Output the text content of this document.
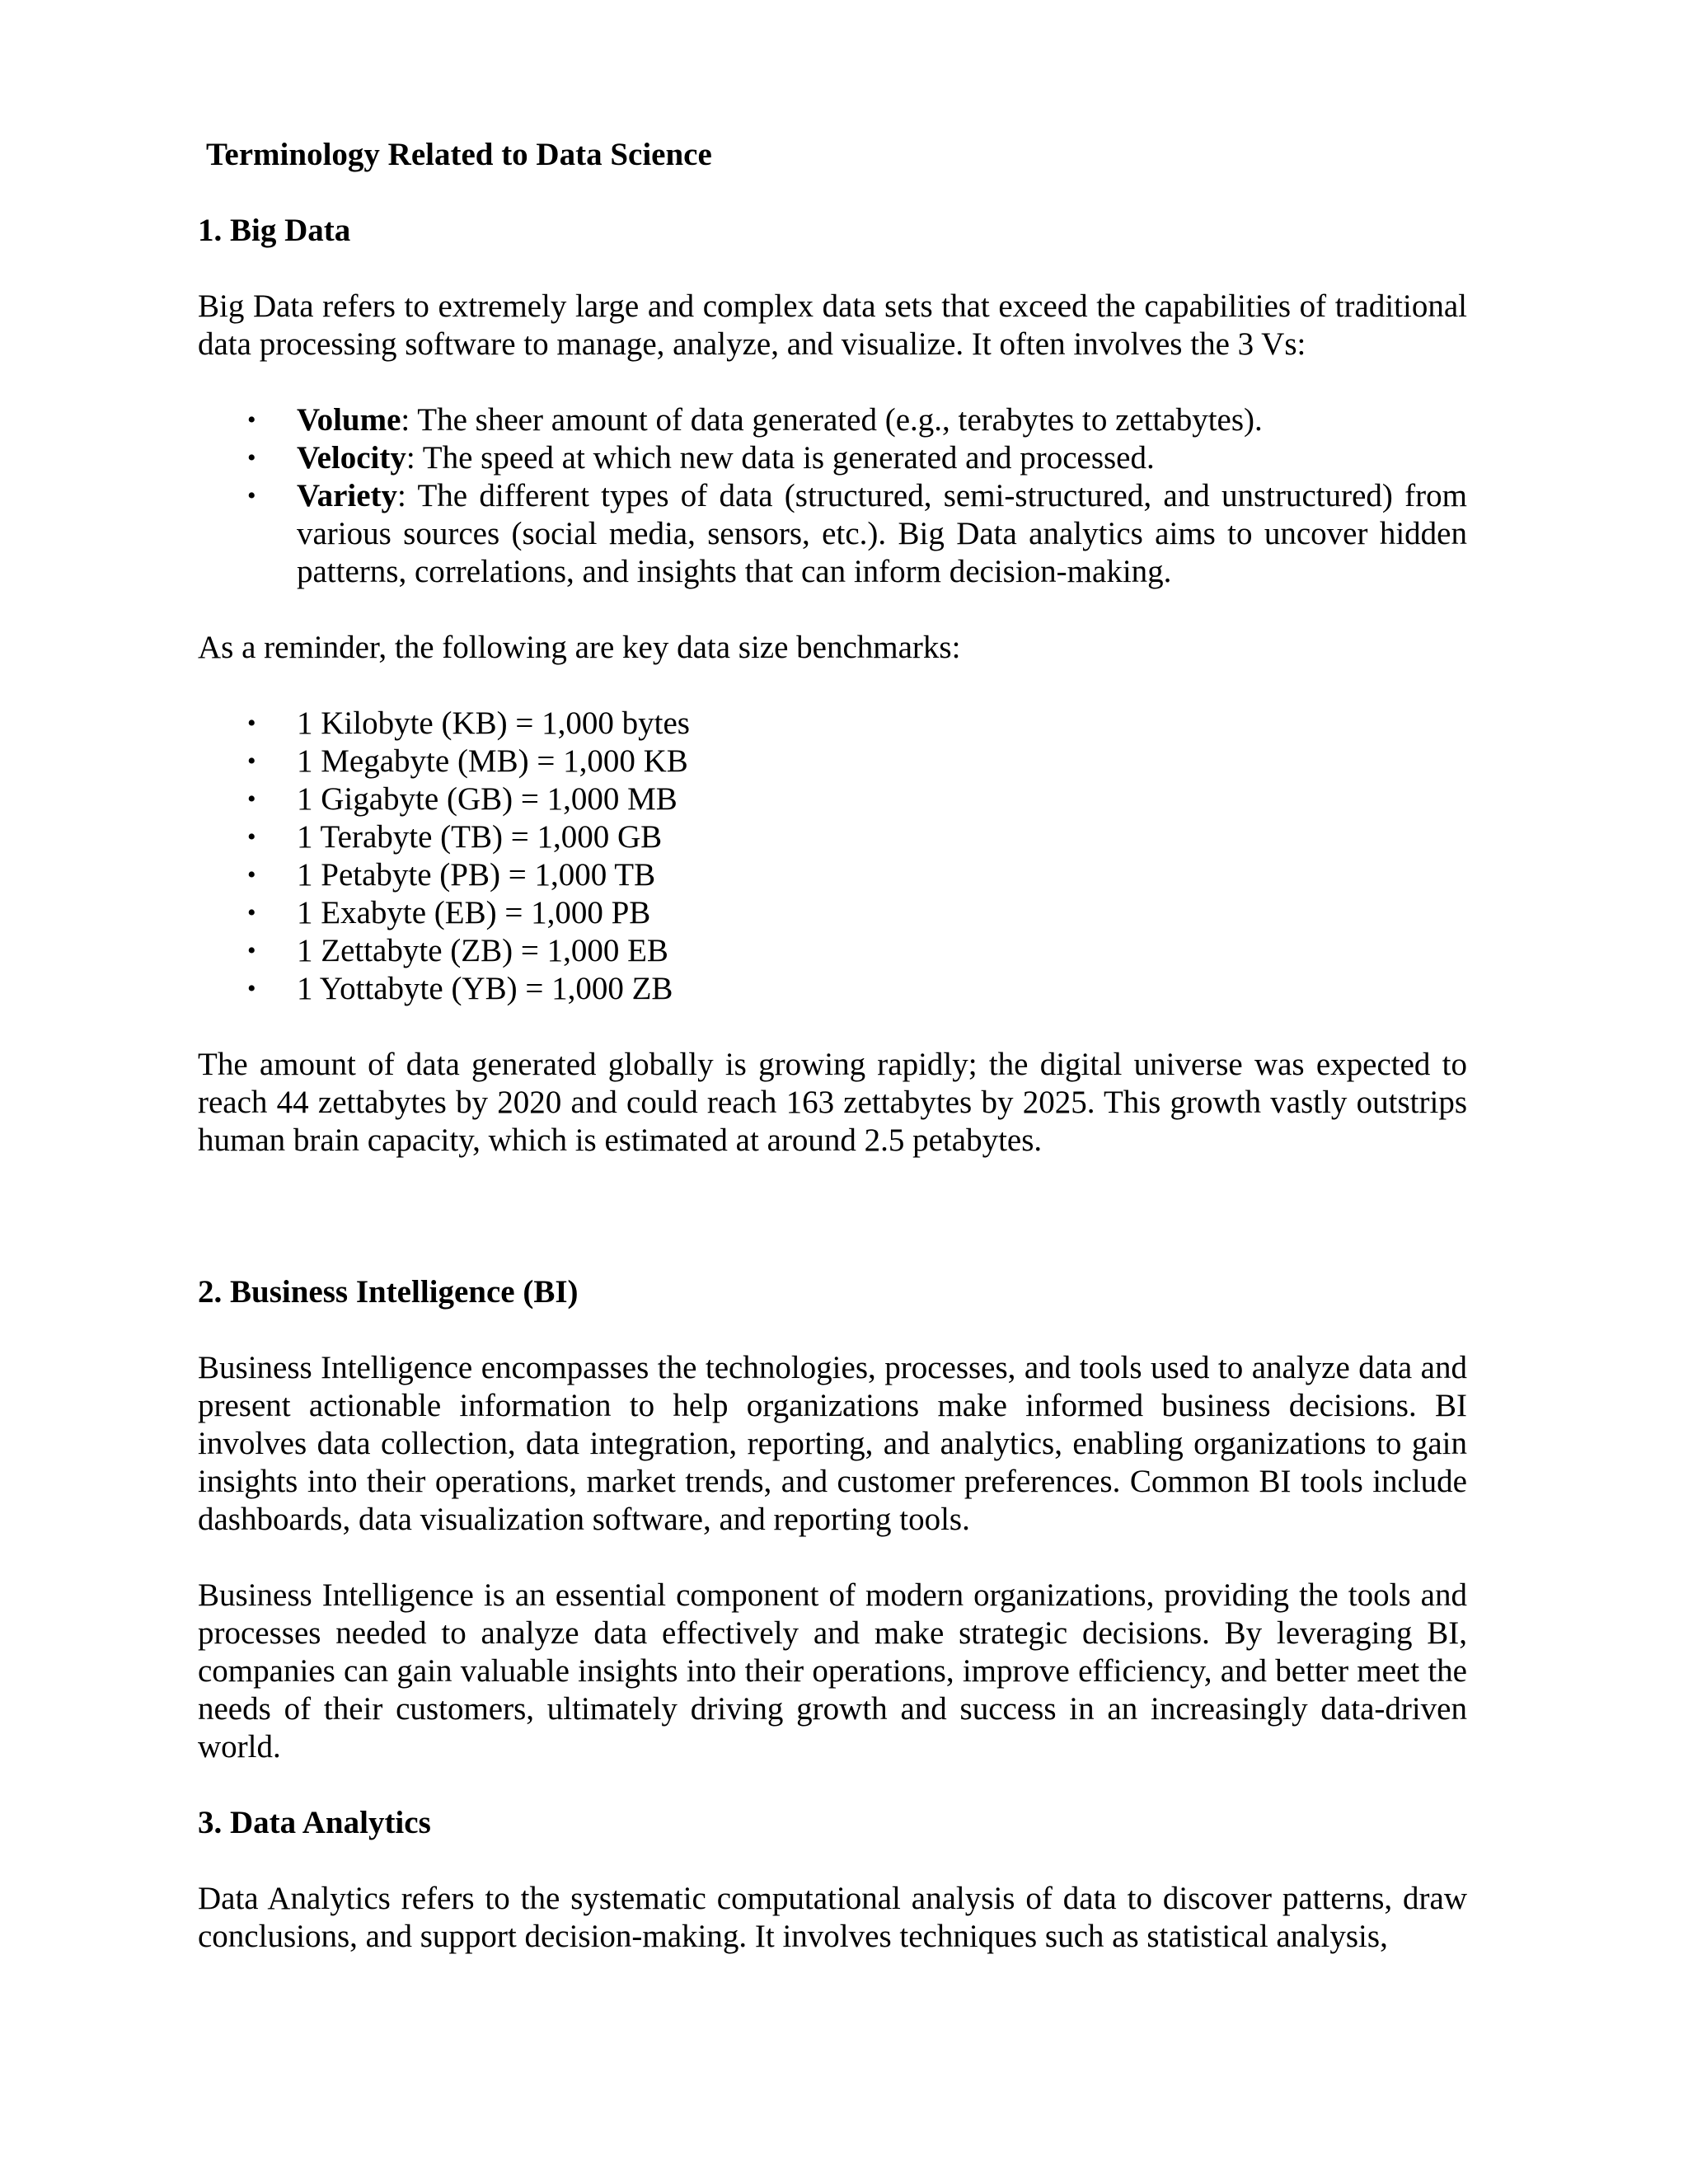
Terminology Related to Data Science
1. Big Data

Big Data refers to extremely large and complex data sets that exceed the capabilities of traditional data processing software to manage, analyze, and visualize. It often involves the 3 Vs:

• Volume: The sheer amount of data generated (e.g., terabytes to zettabytes).
• Velocity: The speed at which new data is generated and processed.
• Variety: The different types of data (structured, semi-structured, and unstructured) from various sources (social media, sensors, etc.). Big Data analytics aims to uncover hidden patterns, correlations, and insights that can inform decision-making.

As a reminder, the following are key data size benchmarks:

• 1 Kilobyte (KB) = 1,000 bytes
• 1 Megabyte (MB) = 1,000 KB
• 1 Gigabyte (GB) = 1,000 MB
• 1 Terabyte (TB) = 1,000 GB
• 1 Petabyte (PB) = 1,000 TB
• 1 Exabyte (EB) = 1,000 PB
• 1 Zettabyte (ZB) = 1,000 EB
• 1 Yottabyte (YB) = 1,000 ZB

The amount of data generated globally is growing rapidly; the digital universe was expected to reach 44 zettabytes by 2020 and could reach 163 zettabytes by 2025. This growth vastly outstrips human brain capacity, which is estimated at around 2.5 petabytes.

2. Business Intelligence (BI)

Business Intelligence encompasses the technologies, processes, and tools used to analyze data and present actionable information to help organizations make informed business decisions. BI involves data collection, data integration, reporting, and analytics, enabling organizations to gain insights into their operations, market trends, and customer preferences. Common BI tools include dashboards, data visualization software, and reporting tools.

Business Intelligence is an essential component of modern organizations, providing the tools and processes needed to analyze data effectively and make strategic decisions. By leveraging BI, companies can gain valuable insights into their operations, improve efficiency, and better meet the needs of their customers, ultimately driving growth and success in an increasingly data-driven world.

3. Data Analytics

Data Analytics refers to the systematic computational analysis of data to discover patterns, draw conclusions, and support decision-making. It involves techniques such as statistical analysis,
